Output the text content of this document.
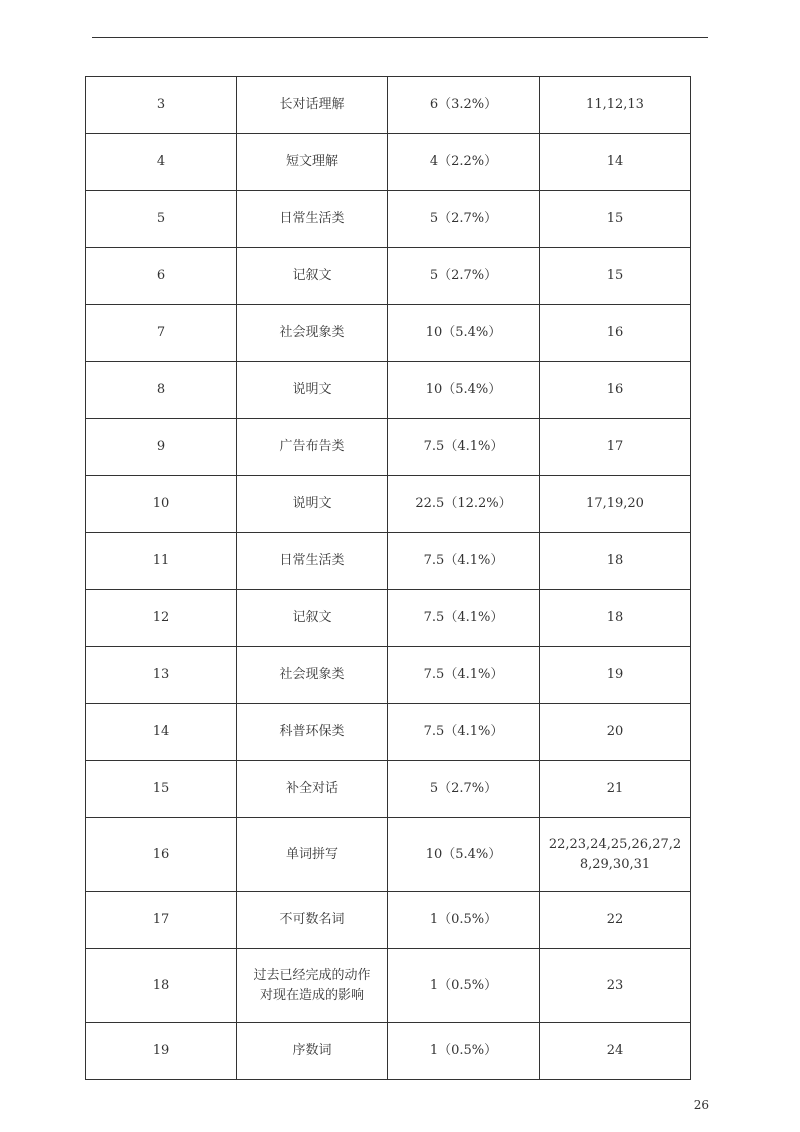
3	长对话理解	6（3.2%）	11,12,13
4	短文理解	4（2.2%）	14
5	日常生活类	5（2.7%）	15
6	记叙文	5（2.7%）	15
7	社会现象类	10（5.4%）	16
8	说明文	10（5.4%）	16
9	广告布告类	7.5（4.1%）	17
10	说明文	22.5（12.2%）	17,19,20
11	日常生活类	7.5（4.1%）	18
12	记叙文	7.5（4.1%）	18
13	社会现象类	7.5（4.1%）	19
14	科普环保类	7.5（4.1%）	20
15	补全对话	5（2.7%）	21
16	单词拼写	10（5.4%）	22,23,24,25,26,27,28,29,30,31
17	不可数名词	1（0.5%）	22
18	过去已经完成的动作对现在造成的影响	1（0.5%）	23
19	序数词	1（0.5%）	24
26
